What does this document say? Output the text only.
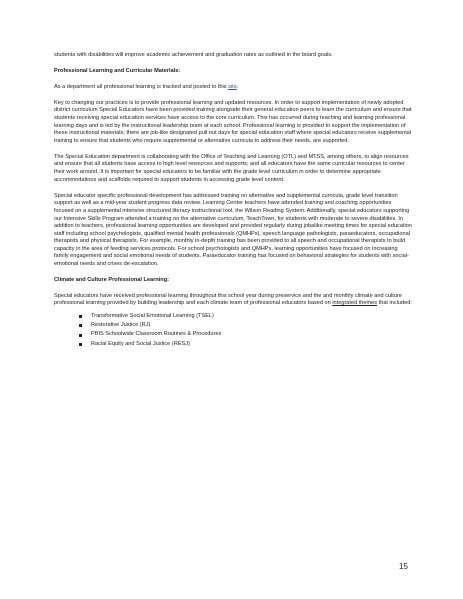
students with disabilities will improve academic achievement and graduation rates as outlined in the board goals.

Professional Learning and Curricular Materials:

As a department all professional learning is tracked and posted to this site.

Key to changing our practices is to provide professional learning and updated resources. In order to support implementation of newly adopted district curriculum Special Educators have been provided training alongside their general education peers to learn the curriculum and ensure that students receiving special education services have access to the core curriculum. This has occurred during teaching and learning professional learning days and is led by the instructional leadership team at each school. Professional learning is provided to support the implementation of these instructional materials; there are job-like designated pull out days for special education staff where special educators receive supplemental training to ensure that students who require supplemental or alternative curricula to address their needs, are supported.

The Special Education department is collaborating with the Office of Teaching and Learning (OTL) and MTSS, among others, to align resources and ensure that all students have access to high level resources and supports; and all educators have the same curricular resources to center their work around. It is important for special educators to be familiar with the grade level curriculum in order to determine appropriate accommodations and scaffolds required to support students in accessing grade level content.

Special educator specific professional development has addressed training on alternative and supplemental curricula, grade level transition support as well as a mid-year student progress data review. Learning Center teachers have attended training and coaching opportunities focused on a supplemental intensive structured literacy instructional tool, the Wilson Reading System. Additionally, special educators supporting our Intensive Skills Program attended a training on the alternative curriculum, TeachTown, for students with moderate to severe disabilities. In addition to teachers, professional learning opportunities are developed and provided regularly during jobalike meeting times for special education staff including school psychologists, qualified mental health professionals (QMHPs), speech language pathologists, paraeducators, occupational therapists and physical therapists. For example, monthly in-depth training has been provided to all speech and occupational therapists to build capacity in the area of feeding services protocols. For school psychologists and QMHPs, learning opportunities have focused on increasing family engagement and social emotional needs of students. Paraeducator training has focused on behavioral strategies for students with social-emotional needs and crises de-escalation.

Climate and Culture Professional Learning:

Special educators have received professional learning throughout this school year during preservice and the and monthly climate and culture professional learning provided by building leadership and each climate team of professional educators based on integrated themes that included:

Transformative Social Emotional Learning (TSEL)
Restorative Justice (RJ)
PBIS Schoolwide Classroom Routines & Procedures
Racial Equity and Social Justice (RESJ)
15
